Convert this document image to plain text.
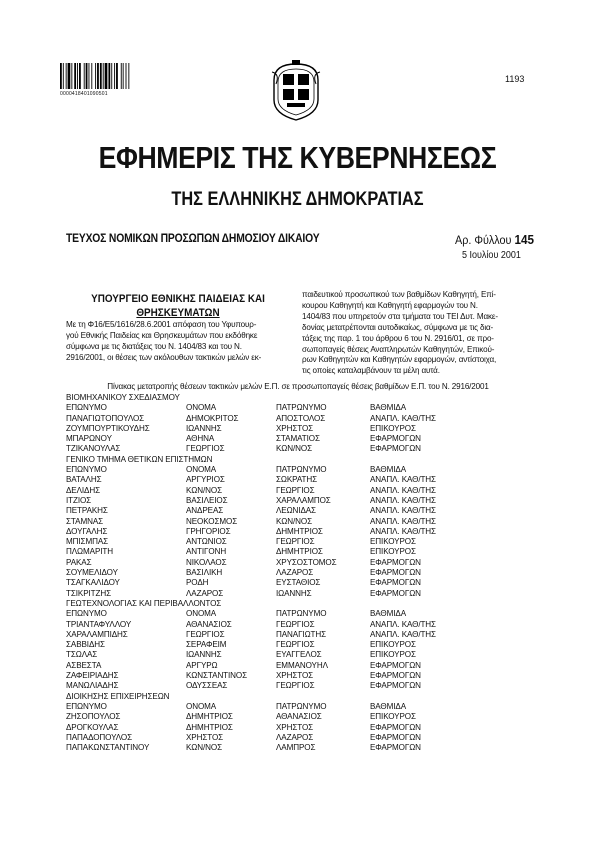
0000418401090501
1193
ΕΦΗΜΕΡΙΣ ΤΗΣ ΚΥΒΕΡΝΗΣΕΩΣ
ΤΗΣ ΕΛΛΗΝΙΚΗΣ ΔΗΜΟΚΡΑΤΙΑΣ
ΤΕΥΧΟΣ ΝΟΜΙΚΩΝ ΠΡΟΣΩΠΩΝ ΔΗΜΟΣΙΟΥ ΔΙΚΑΙΟΥ	Αρ. Φύλλου 145
5 Ιουλίου 2001
ΥΠΟΥΡΓΕΙΟ ΕΘΝΙΚΗΣ ΠΑΙΔΕΙΑΣ ΚΑΙ
ΘΡΗΣΚΕΥΜΑΤΩΝ
Με τη Φ16/Ε5/1616/28.6.2001 απόφαση του Υφυπουρ-
γού Εθνικής Παιδείας και Θρησκευμάτων που εκδόθηκε
σύμφωνα με τις διατάξεις του Ν. 1404/83 και του Ν.
2916/2001, οι θέσεις των ακόλουθων τακτικών μελών εκ-
παιδευτικού προσωπικού των βαθμίδων Καθηγητή, Επί-
κουρου Καθηγητή και Καθηγητή εφαρμογών του Ν.
1404/83 που υπηρετούν στα τμήματα του ΤΕΙ Δυτ. Μακε-
δονίας μετατρέπονται αυτοδικαίως, σύμφωνα με τις δια-
τάξεις της παρ. 1 του άρθρου 6 του Ν. 2916/01, σε προ-
σωποπαγείς θέσεις Αναπληρωτών Καθηγητών, Επικού-
ρων Καθηγητών και Καθηγητών εφαρμογών, αντίστοιχα,
τις οποίες καταλαμβάνουν τα μέλη αυτά.
Πίνακας μετατροπής θέσεων τακτικών μελών Ε.Π. σε προσωποπαγείς θέσεις βαθμίδων Ε.Π. του Ν. 2916/2001
ΒΙΟΜΗΧΑΝΙΚΟΥ ΣΧΕΔΙΑΣΜΟΥ
ΕΠΩΝΥΜΟ	ΟΝΟΜΑ	ΠΑΤΡΩΝΥΜΟ	ΒΑΘΜΙΔΑ
ΠΑΝΑΓΙΩΤΟΠΟΥΛΟΣ	ΔΗΜΟΚΡΙΤΟΣ	ΑΠΟΣΤΟΛΟΣ	ΑΝΑΠΛ. ΚΑΘ/ΤΗΣ
ΖΟΥΜΠΟΥΡΤΙΚΟΥΔΗΣ	ΙΩΑΝΝΗΣ	ΧΡΗΣΤΟΣ	ΕΠΙΚΟΥΡΟΣ
ΜΠΑΡΩΝΟΥ	ΑΘΗΝΑ	ΣΤΑΜΑΤΙΟΣ	ΕΦΑΡΜΟΓΩΝ
ΤΖΙΚΑΝΟΥΛΑΣ	ΓΕΩΡΓΙΟΣ	ΚΩΝ/ΝΟΣ	ΕΦΑΡΜΟΓΩΝ
ΓΕΝΙΚΟ ΤΜΗΜΑ ΘΕΤΙΚΩΝ ΕΠΙΣΤΗΜΩΝ
ΕΠΩΝΥΜΟ	ΟΝΟΜΑ	ΠΑΤΡΩΝΥΜΟ	ΒΑΘΜΙΔΑ
ΒΑΤΑΛΗΣ	ΑΡΓΥΡΙΟΣ	ΣΩΚΡΑΤΗΣ	ΑΝΑΠΛ. ΚΑΘ/ΤΗΣ
ΔΕΛΙΔΗΣ	ΚΩΝ/ΝΟΣ	ΓΕΩΡΓΙΟΣ	ΑΝΑΠΛ. ΚΑΘ/ΤΗΣ
ΙΤΖΙΟΣ	ΒΑΣΙΛΕΙΟΣ	ΧΑΡΑΛΑΜΠΟΣ	ΑΝΑΠΛ. ΚΑΘ/ΤΗΣ
ΠΕΤΡΑΚΗΣ	ΑΝΔΡΕΑΣ	ΛΕΩΝΙΔΑΣ	ΑΝΑΠΛ. ΚΑΘ/ΤΗΣ
ΣΤΑΜΝΑΣ	ΝΕΟΚΟΣΜΟΣ	ΚΩΝ/ΝΟΣ	ΑΝΑΠΛ. ΚΑΘ/ΤΗΣ
ΔΟΥΓΑΛΗΣ	ΓΡΗΓΟΡΙΟΣ	ΔΗΜΗΤΡΙΟΣ	ΑΝΑΠΛ. ΚΑΘ/ΤΗΣ
ΜΠΙΣΜΠΑΣ	ΑΝΤΩΝΙΟΣ	ΓΕΩΡΓΙΟΣ	ΕΠΙΚΟΥΡΟΣ
ΠΛΩΜΑΡΙΤΗ	ΑΝΤΙΓΟΝΗ	ΔΗΜΗΤΡΙΟΣ	ΕΠΙΚΟΥΡΟΣ
ΡΑΚΑΣ	ΝΙΚΟΛΑΟΣ	ΧΡΥΣΟΣΤΟΜΟΣ	ΕΦΑΡΜΟΓΩΝ
ΣΟΥΜΕΛΙΔΟΥ	ΒΑΣΙΛΙΚΗ	ΛΑΖΑΡΟΣ	ΕΦΑΡΜΟΓΩΝ
ΤΣΑΓΚΑΛΙΔΟΥ	ΡΟΔΗ	ΕΥΣΤΑΘΙΟΣ	ΕΦΑΡΜΟΓΩΝ
ΤΣΙΚΡΙΤΖΗΣ	ΛΑΖΑΡΟΣ	ΙΩΑΝΝΗΣ	ΕΦΑΡΜΟΓΩΝ
ΓΕΩΤΕΧΝΟΛΟΓΙΑΣ ΚΑΙ ΠΕΡΙΒΑΛΛΟΝΤΟΣ
ΕΠΩΝΥΜΟ	ΟΝΟΜΑ	ΠΑΤΡΩΝΥΜΟ	ΒΑΘΜΙΔΑ
ΤΡΙΑΝΤΑΦΥΛΛΟΥ	ΑΘΑΝΑΣΙΟΣ	ΓΕΩΡΓΙΟΣ	ΑΝΑΠΛ. ΚΑΘ/ΤΗΣ
ΧΑΡΑΛΑΜΠΙΔΗΣ	ΓΕΩΡΓΙΟΣ	ΠΑΝΑΓΙΩΤΗΣ	ΑΝΑΠΛ. ΚΑΘ/ΤΗΣ
ΣΑΒΒΙΔΗΣ	ΣΕΡΑΦΕΙΜ	ΓΕΩΡΓΙΟΣ	ΕΠΙΚΟΥΡΟΣ
ΤΣΩΛΑΣ	ΙΩΑΝΝΗΣ	ΕΥΑΓΓΕΛΟΣ	ΕΠΙΚΟΥΡΟΣ
ΑΣΒΕΣΤΑ	ΑΡΓΥΡΩ	ΕΜΜΑΝΟΥΗΛ	ΕΦΑΡΜΟΓΩΝ
ΖΑΦΕΙΡΙΑΔΗΣ	ΚΩΝΣΤΑΝΤΙΝΟΣ	ΧΡΗΣΤΟΣ	ΕΦΑΡΜΟΓΩΝ
ΜΑΝΩΛΙΑΔΗΣ	ΟΔΥΣΣΕΑΣ	ΓΕΩΡΓΙΟΣ	ΕΦΑΡΜΟΓΩΝ
ΔΙΟΙΚΗΣΗΣ ΕΠΙΧΕΙΡΗΣΕΩΝ
ΕΠΩΝΥΜΟ	ΟΝΟΜΑ	ΠΑΤΡΩΝΥΜΟ	ΒΑΘΜΙΔΑ
ΖΗΣΟΠΟΥΛΟΣ	ΔΗΜΗΤΡΙΟΣ	ΑΘΑΝΑΣΙΟΣ	ΕΠΙΚΟΥΡΟΣ
ΔΡΟΓΚΟΥΛΑΣ	ΔΗΜΗΤΡΙΟΣ	ΧΡΗΣΤΟΣ	ΕΦΑΡΜΟΓΩΝ
ΠΑΠΑΔΟΠΟΥΛΟΣ	ΧΡΗΣΤΟΣ	ΛΑΖΑΡΟΣ	ΕΦΑΡΜΟΓΩΝ
ΠΑΠΑΚΩΝΣΤΑΝΤΙΝΟΥ	ΚΩΝ/ΝΟΣ	ΛΑΜΠΡΟΣ	ΕΦΑΡΜΟΓΩΝ
